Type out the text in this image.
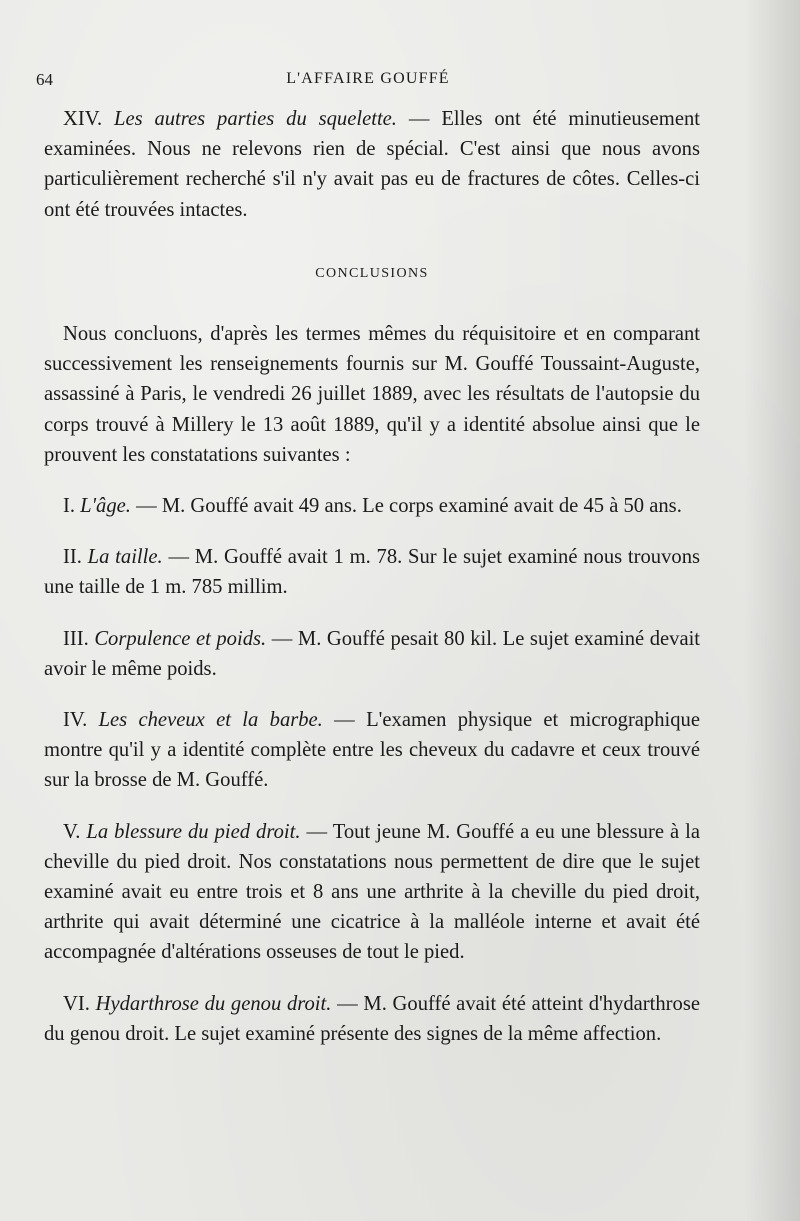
64	L'AFFAIRE GOUFFÉ

XIV. Les autres parties du squelette. — Elles ont été minutieusement examinées. Nous ne relevons rien de spécial. C'est ainsi que nous avons particulièrement recherché s'il n'y avait pas eu de fractures de côtes. Celles-ci ont été trouvées intactes.

CONCLUSIONS

Nous concluons, d'après les termes mêmes du réquisitoire et en comparant successivement les renseignements fournis sur M. Gouffé Toussaint-Auguste, assassiné à Paris, le vendredi 26 juillet 1889, avec les résultats de l'autopsie du corps trouvé à Millery le 13 août 1889, qu'il y a identité absolue ainsi que le prouvent les constatations suivantes :

I. L'âge. — M. Gouffé avait 49 ans. Le corps examiné avait de 45 à 50 ans.

II. La taille. — M. Gouffé avait 1 m. 78. Sur le sujet examiné nous trouvons une taille de 1 m. 785 millim.

III. Corpulence et poids. — M. Gouffé pesait 80 kil. Le sujet examiné devait avoir le même poids.

IV. Les cheveux et la barbe. — L'examen physique et micrographique montre qu'il y a identité complète entre les cheveux du cadavre et ceux trouvé sur la brosse de M. Gouffé.

V. La blessure du pied droit. — Tout jeune M. Gouffé a eu une blessure à la cheville du pied droit. Nos constatations nous permettent de dire que le sujet examiné avait eu entre trois et 8 ans une arthrite à la cheville du pied droit, arthrite qui avait déterminé une cicatrice à la malléole interne et avait été accompagnée d'altérations osseuses de tout le pied.

VI. Hydarthrose du genou droit. — M. Gouffé avait été atteint d'hydarthrose du genou droit. Le sujet examiné présente des signes de la même affection.
